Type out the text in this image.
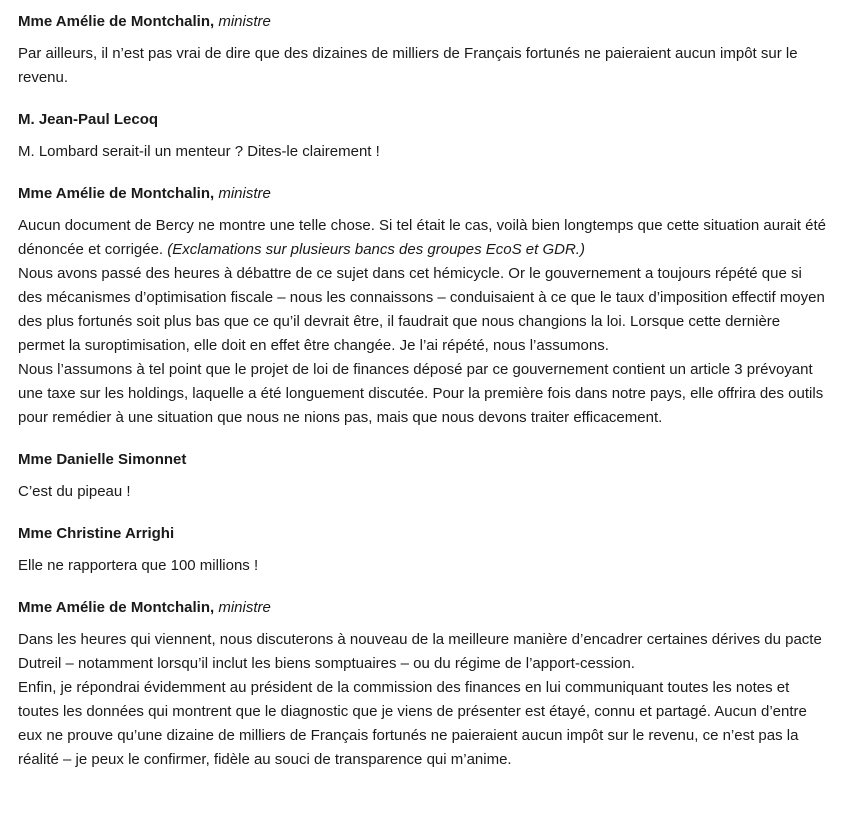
Mme Amélie de Montchalin, ministre

Par ailleurs, il n’est pas vrai de dire que des dizaines de milliers de Français fortunés ne paieraient aucun impôt sur le revenu.

M. Jean-Paul Lecoq

M. Lombard serait-il un menteur ? Dites-le clairement !

Mme Amélie de Montchalin, ministre

Aucun document de Bercy ne montre une telle chose. Si tel était le cas, voilà bien longtemps que cette situation aurait été dénoncée et corrigée. (Exclamations sur plusieurs bancs des groupes EcoS et GDR.)

Nous avons passé des heures à débattre de ce sujet dans cet hémicycle. Or le gouvernement a toujours répété que si des mécanismes d’optimisation fiscale – nous les connaissons – conduisaient à ce que le taux d’imposition effectif moyen des plus fortunés soit plus bas que ce qu’il devrait être, il faudrait que nous changions la loi. Lorsque cette dernière permet la suroptimisation, elle doit en effet être changée. Je l’ai répété, nous l’assumons.

Nous l’assumons à tel point que le projet de loi de finances déposé par ce gouvernement contient un article 3 prévoyant une taxe sur les holdings, laquelle a été longuement discutée. Pour la première fois dans notre pays, elle offrira des outils pour remédier à une situation que nous ne nions pas, mais que nous devons traiter efficacement.

Mme Danielle Simonnet

C’est du pipeau !

Mme Christine Arrighi

Elle ne rapportera que 100 millions !

Mme Amélie de Montchalin, ministre

Dans les heures qui viennent, nous discuterons à nouveau de la meilleure manière d’encadrer certaines dérives du pacte Dutreil – notamment lorsqu’il inclut les biens somptuaires – ou du régime de l’apport-cession.

Enfin, je répondrai évidemment au président de la commission des finances en lui communiquant toutes les notes et toutes les données qui montrent que le diagnostic que je viens de présenter est étayé, connu et partagé. Aucun d’entre eux ne prouve qu’une dizaine de milliers de Français fortunés ne paieraient aucun impôt sur le revenu, ce n’est pas la réalité – je peux le confirmer, fidèle au souci de transparence qui m’anime.
